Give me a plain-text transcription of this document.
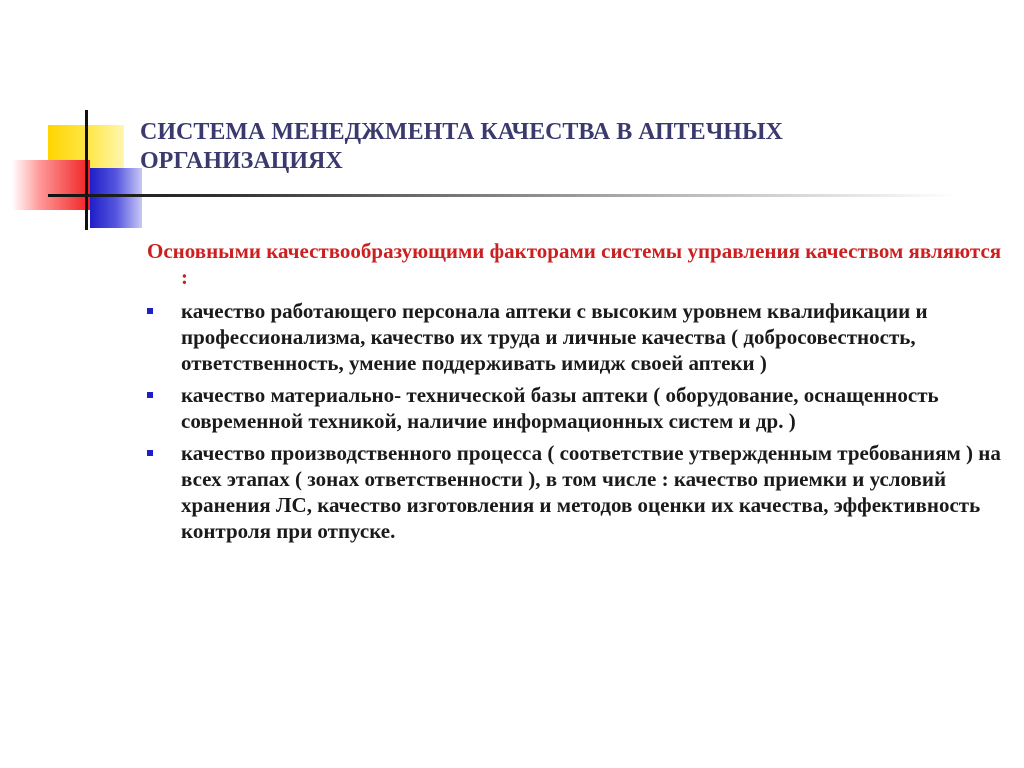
СИСТЕМА МЕНЕДЖМЕНТА КАЧЕСТВА В АПТЕЧНЫХ ОРГАНИЗАЦИЯХ

Основными качествообразующими факторами системы управления качеством являются :

качество работающего персонала аптеки с высоким уровнем квалификации и профессионализма, качество их труда и личные качества ( добросовестность, ответственность, умение поддерживать имидж своей аптеки )
качество материально- технической базы аптеки ( оборудование, оснащенность современной техникой, наличие информационных систем и др. )
качество производственного процесса ( соответствие утвержденным требованиям ) на всех этапах ( зонах ответственности ), в том числе : качество приемки и условий хранения ЛС, качество изготовления и методов оценки их качества, эффективность контроля при отпуске.
